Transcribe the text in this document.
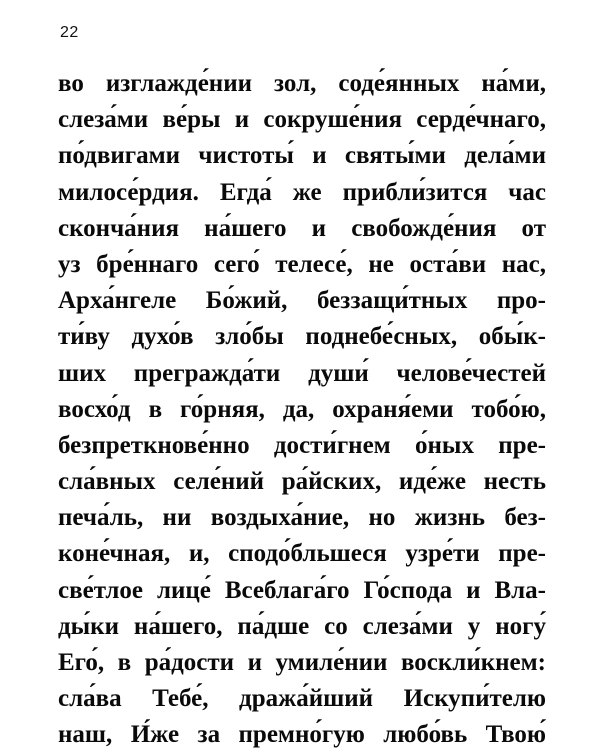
22
во изглажде́нии зол, соде́янных на́ми,
слеза́ми ве́ры и сокруше́ния серде́чнаго,
по́двигами чистоты́ и святы́ми дела́ми
милосе́рдия. Егда́ же прибли́зится час
сконча́ния на́шего и свобожде́ния от
уз бре́ннаго сего́ телесе́, не оста́ви нас,
Арха́нгеле Бо́жий, беззащи́тных про-
ти́ву духо́в зло́бы поднебе́сных, обы́к-
ших прегражда́ти души́ челове́честей
восхо́д в го́рняя, да, охраня́еми тобо́ю,
безпреткнове́нно дости́гнем о́ных пре-
сла́вных селе́ний ра́йских, иде́же несть
печа́ль, ни воздыха́ние, но жизнь без-
коне́чная, и, сподо́бльшеся узре́ти пре-
све́тлое лице́ Всеблага́го Го́спода и Вла-
ды́ки на́шего, па́дше со слеза́ми у ногу́
Его́, в ра́дости и умиле́нии воскли́кнем:
сла́ва Тебе́, дража́йший Искупи́телю
наш, И́же за премно́гую любо́вь Твою́
